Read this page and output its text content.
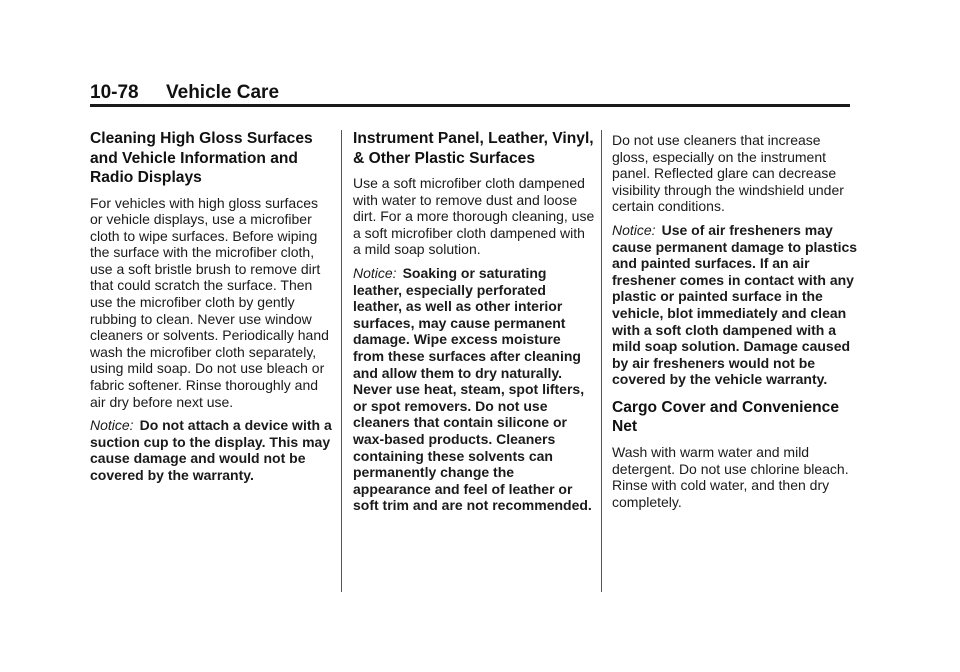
10-78 Vehicle Care
Cleaning High Gloss Surfaces and Vehicle Information and Radio Displays

For vehicles with high gloss surfaces or vehicle displays, use a microfiber cloth to wipe surfaces. Before wiping the surface with the microfiber cloth, use a soft bristle brush to remove dirt that could scratch the surface. Then use the microfiber cloth by gently rubbing to clean. Never use window cleaners or solvents. Periodically hand wash the microfiber cloth separately, using mild soap. Do not use bleach or fabric softener. Rinse thoroughly and air dry before next use.

Notice: Do not attach a device with a suction cup to the display. This may cause damage and would not be covered by the warranty.

Instrument Panel, Leather, Vinyl, & Other Plastic Surfaces

Use a soft microfiber cloth dampened with water to remove dust and loose dirt. For a more thorough cleaning, use a soft microfiber cloth dampened with a mild soap solution.

Notice: Soaking or saturating leather, especially perforated leather, as well as other interior surfaces, may cause permanent damage. Wipe excess moisture from these surfaces after cleaning and allow them to dry naturally. Never use heat, steam, spot lifters, or spot removers. Do not use cleaners that contain silicone or wax-based products. Cleaners containing these solvents can permanently change the appearance and feel of leather or soft trim and are not recommended.

Do not use cleaners that increase gloss, especially on the instrument panel. Reflected glare can decrease visibility through the windshield under certain conditions.

Notice: Use of air fresheners may cause permanent damage to plastics and painted surfaces. If an air freshener comes in contact with any plastic or painted surface in the vehicle, blot immediately and clean with a soft cloth dampened with a mild soap solution. Damage caused by air fresheners would not be covered by the vehicle warranty.

Cargo Cover and Convenience Net

Wash with warm water and mild detergent. Do not use chlorine bleach. Rinse with cold water, and then dry completely.
